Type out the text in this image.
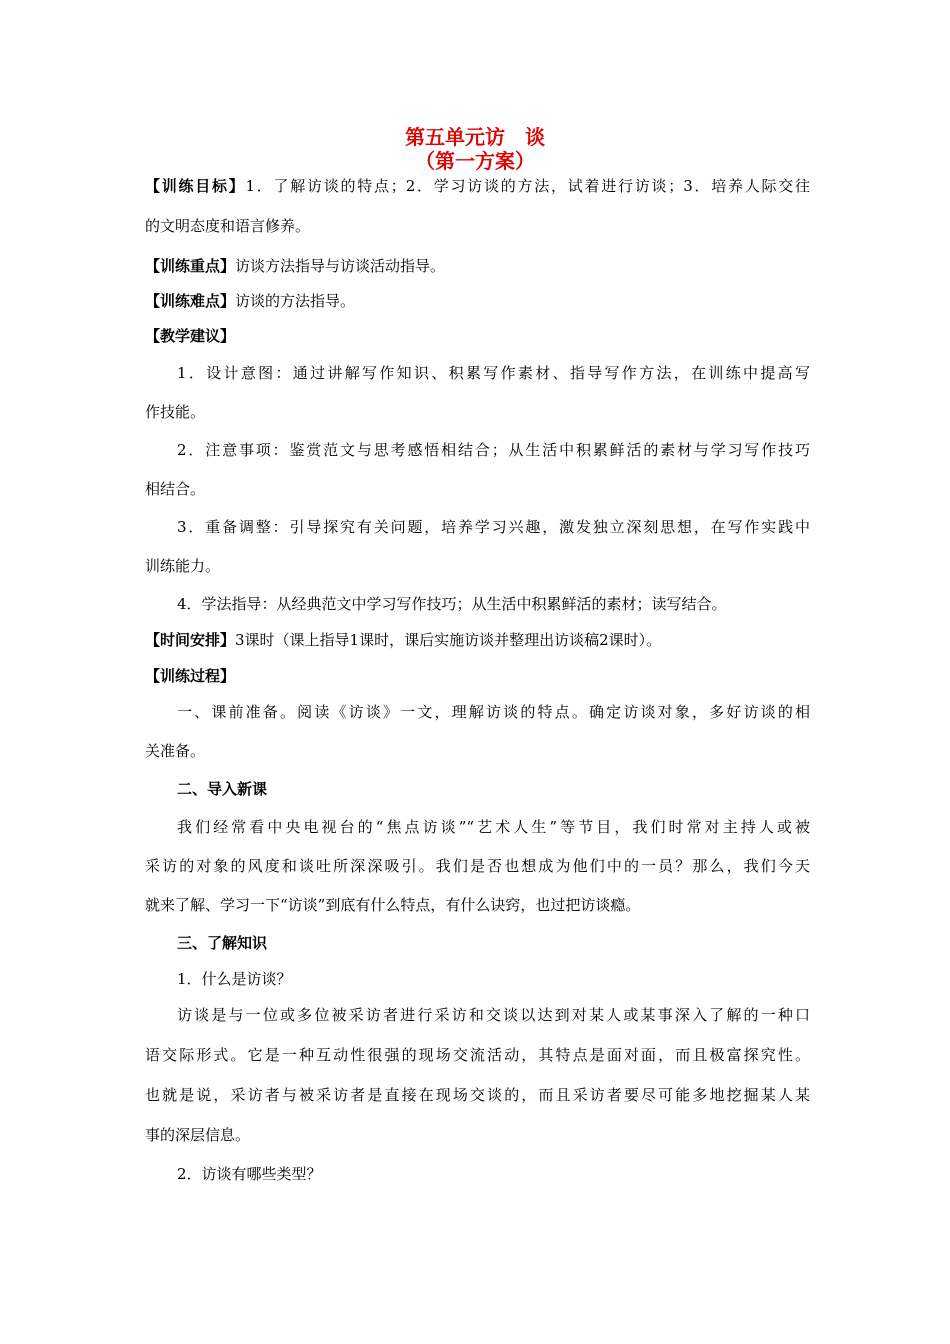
第五单元访　谈
（第一方案）
【训练目标】1．了解访谈的特点；2．学习访谈的方法，试着进行访谈；3．培养人际交往
的文明态度和语言修养。
【训练重点】访谈方法指导与访谈活动指导。
【训练难点】访谈的方法指导。
【教学建议】
1．设计意图：通过讲解写作知识、积累写作素材、指导写作方法，在训练中提高写
作技能。
2．注意事项：鉴赏范文与思考感悟相结合；从生活中积累鲜活的素材与学习写作技巧
相结合。
3．重备调整：引导探究有关问题，培养学习兴趣，激发独立深刻思想，在写作实践中
训练能力。
4．学法指导：从经典范文中学习写作技巧；从生活中积累鲜活的素材；读写结合。
【时间安排】3课时（课上指导1课时，课后实施访谈并整理出访谈稿2课时）。
【训练过程】
一、课前准备。阅读《访谈》一文，理解访谈的特点。确定访谈对象，多好访谈的相
关准备。
二、导入新课
我们经常看中央电视台的“焦点访谈”“艺术人生”等节目，我们时常对主持人或被
采访的对象的风度和谈吐所深深吸引。我们是否也想成为他们中的一员？那么，我们今天
就来了解、学习一下“访谈”到底有什么特点，有什么诀窍，也过把访谈瘾。
三、了解知识
1．什么是访谈？
访谈是与一位或多位被采访者进行采访和交谈以达到对某人或某事深入了解的一种口
语交际形式。它是一种互动性很强的现场交流活动，其特点是面对面，而且极富探究性。
也就是说，采访者与被采访者是直接在现场交谈的，而且采访者要尽可能多地挖掘某人某
事的深层信息。
2．访谈有哪些类型？
